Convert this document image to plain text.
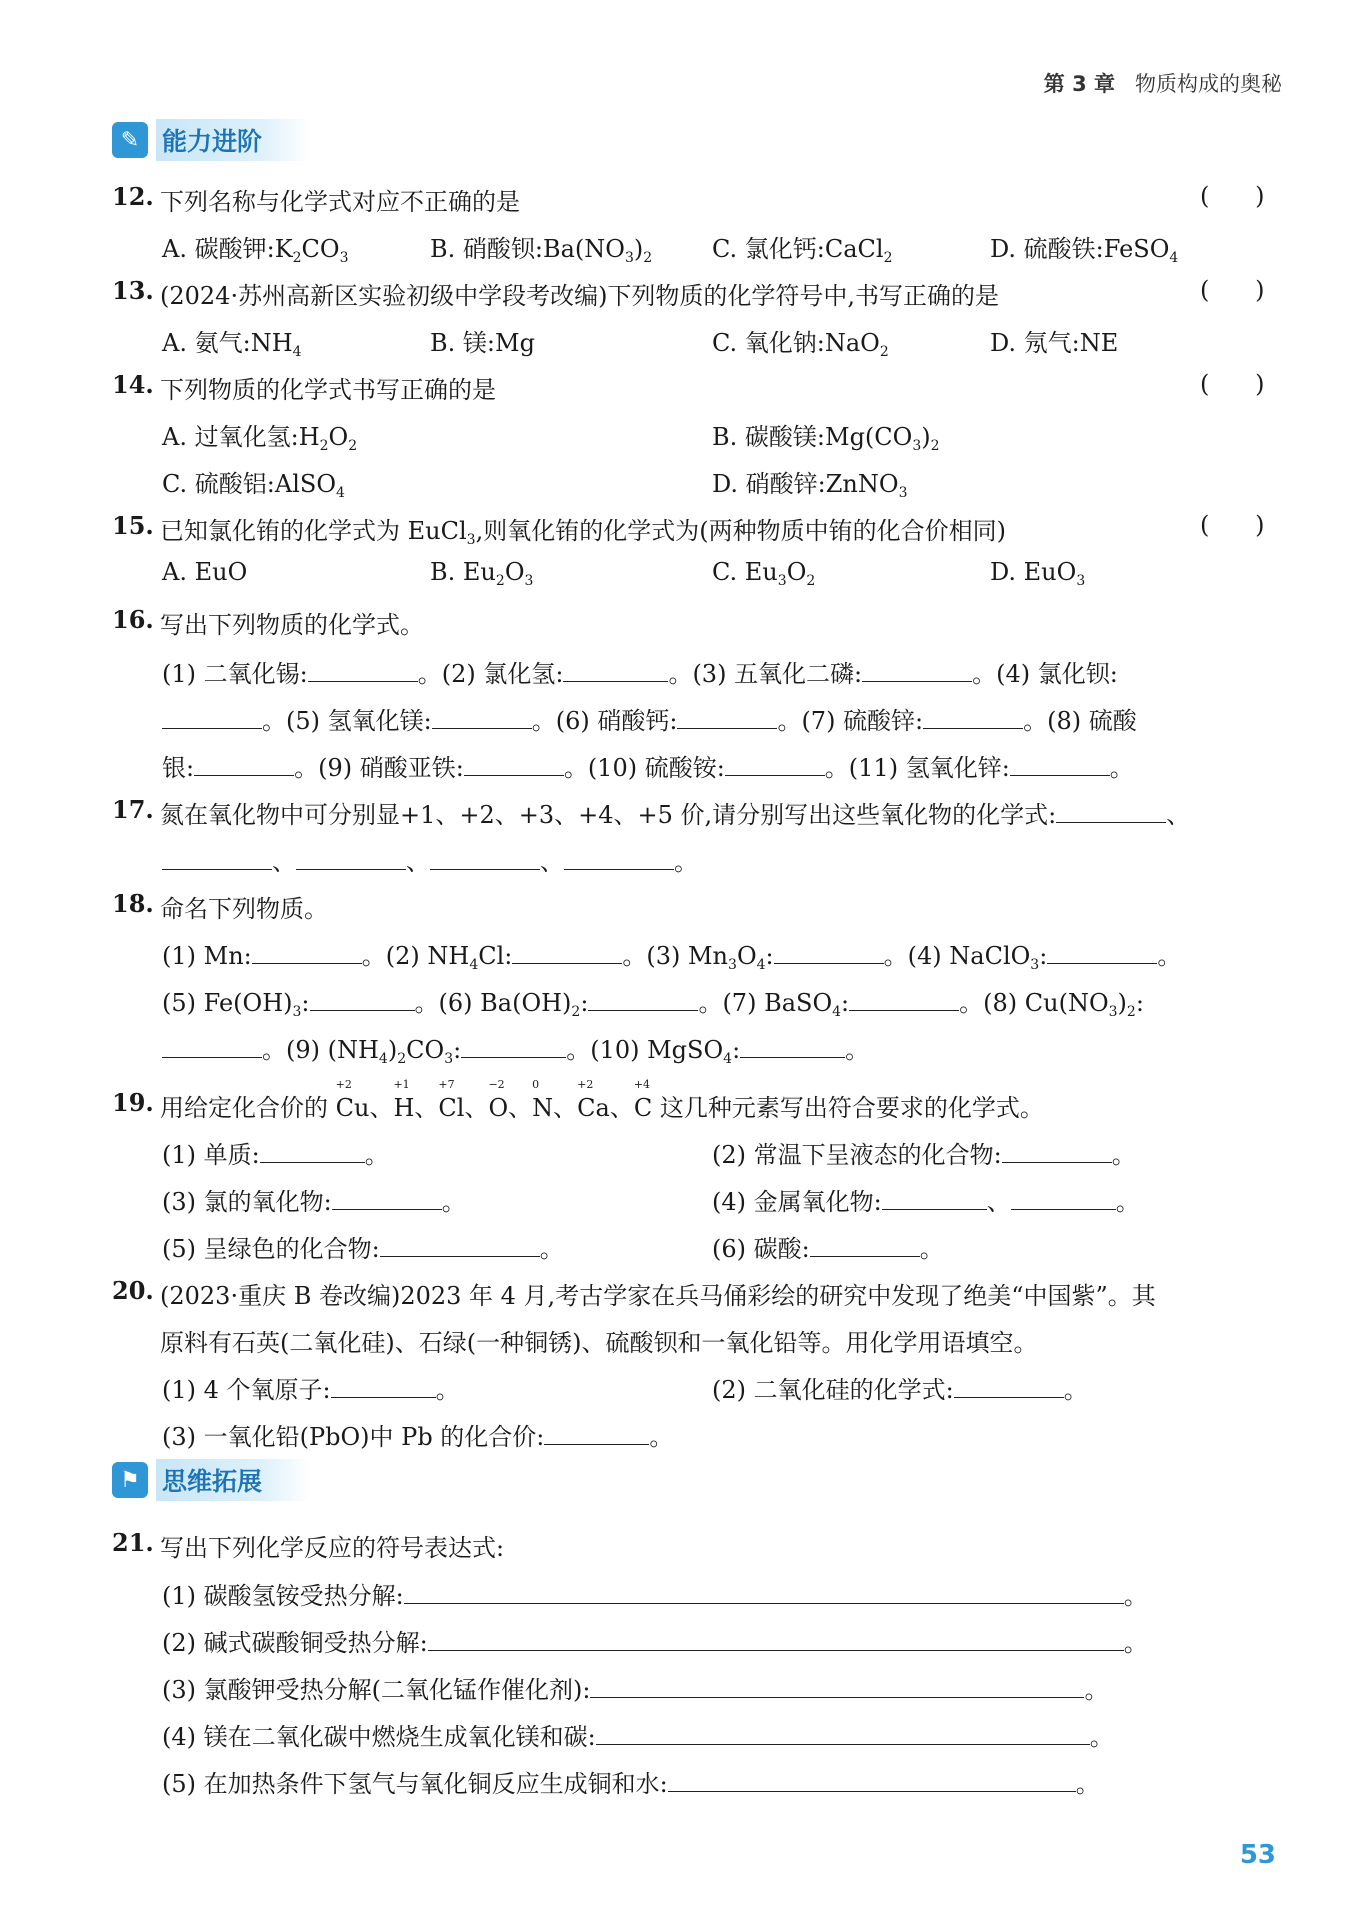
第 3 章 物质构成的奥秘
✎ 能力进阶
12. 下列名称与化学式对应不正确的是	(      )
A. 碳酸钾$:K_2CO_3$	B. 硝酸钡$:Ba(NO_3)_2$ C. 氯化钙:CaCl$_2$	D. 硫酸铁:FeSO$_4$
13. (2024·苏州高新区实验初级中学段考改编)下列物质的化学符号中,书写正确的是	(      )
A. 氨气$:NH_4$	B. 镁:Mg	C. 氧化钠:NaO$_2$	D. 氖气:NE
14. 下列物质的化学式书写正确的是	(      )
A. 过氧化氢$:H_2O_2$	B. 碳酸镁$:Mg(CO_3)_2$
C. 硫酸铝:AlSO$_4$	D. 硝酸锌:ZnNO$_3$
15. 已知氯化铕的化学式为 EuCl$_3$,则氧化铕的化学式为(两种物质中铕的化合价相同)	(      )
A. EuO	B. $Eu_2O_3$	C. $Eu_3O_2$	D. EuO$_3$
16. 写出下列物质的化学式。
(1) 二氧化锡:	。(2) 氯化氢:	。(3) 五氧化二磷:	。(4) 氯化钡:
。(5) 氢氧化镁:	。(6) 硝酸钙:	。(7) 硫酸锌:	。(8) 硫酸
银:	。(9) 硝酸亚铁:	。(10) 硫酸铵:	。(11) 氢氧化锌:	。
17. 氮在氧化物中可分别显+1、+2、+3、+4、+5 价,请分别写出这些氧化物的化学式:	、
、	、	、	。
18. 命名下列物质。
(1) Mn:	。(2) $NH_4Cl$:	。(3) $Mn_3O_4$:	。(4) NaClO$_3$:	。
(5) $Fe(OH)_3$:	。(6) $Ba(OH)_2$:	。(7) BaSO$_4$:	。(8) $Cu(NO_3)_2$:
。(9) $(NH_4)_2CO_3$:	。(10) MgSO$_4$:	。
19. 用给定化合价的
+2
Cu、
+1
H、
+7
Cl、
−2
O、
0
N、
+2
Ca、
+4
C 这几种元素写出符合要求的化学式。
(1) 单质:	。	(2) 常温下呈液态的化合物:	。
(3) 氯的氧化物:	。	(4) 金属氧化物:	、	。
(5) 呈绿色的化合物:	。	(6) 碳酸:	。
20. (2023·重庆 B 卷改编)2023 年 4 月,考古学家在兵马俑彩绘的研究中发现了绝美“中国紫”。其
原料有石英(二氧化硅)、石绿(一种铜锈)、硫酸钡和一氧化铅等。用化学用语填空。
(1) 4 个氧原子:	。	(2) 二氧化硅的化学式:	。
(3) 一氧化铅(PbO)中 Pb 的化合价:	。
⚑ 思维拓展
21. 写出下列化学反应的符号表达式:
(1) 碳酸氢铵受热分解:	。
(2) 碱式碳酸铜受热分解:	。
(3) 氯酸钾受热分解(二氧化锰作催化剂):	。
(4) 镁在二氧化碳中燃烧生成氧化镁和碳:	。
(5) 在加热条件下氢气与氧化铜反应生成铜和水:	。
53
